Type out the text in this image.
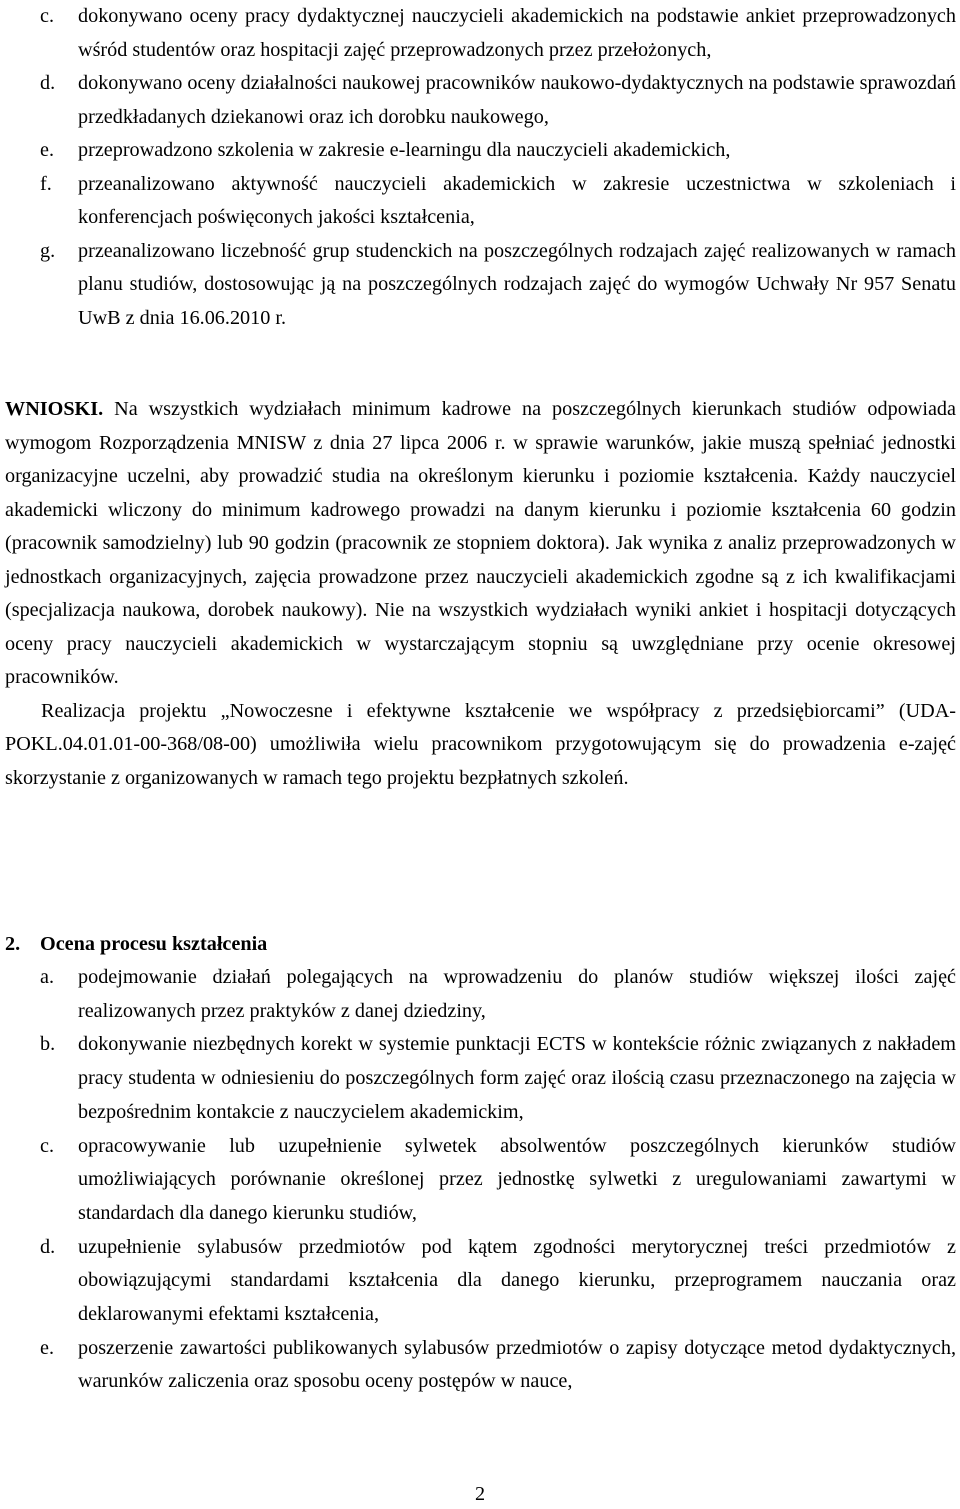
c.	dokonywano oceny pracy dydaktycznej nauczycieli akademickich na podstawie ankiet przeprowadzonych wśród studentów oraz hospitacji zajęć przeprowadzonych przez przełożonych,
d.	dokonywano oceny działalności naukowej pracowników naukowo-dydaktycznych na podstawie sprawozdań przedkładanych dziekanowi oraz ich dorobku naukowego,
e.	przeprowadzono szkolenia w zakresie e-learningu dla nauczycieli akademickich,
f.	przeanalizowano aktywność nauczycieli akademickich w zakresie uczestnictwa w szkoleniach i konferencjach poświęconych jakości kształcenia,
g.	przeanalizowano liczebność grup studenckich na poszczególnych rodzajach zajęć realizowanych w ramach planu studiów, dostosowując ją na poszczególnych rodzajach zajęć do wymogów Uchwały Nr 957 Senatu UwB z dnia 16.06.2010 r.

WNIOSKI. Na wszystkich wydziałach minimum kadrowe na poszczególnych kierunkach studiów odpowiada wymogom Rozporządzenia MNISW z dnia 27 lipca 2006 r. w sprawie warunków, jakie muszą spełniać jednostki organizacyjne uczelni, aby prowadzić studia na określonym kierunku i poziomie kształcenia. Każdy nauczyciel akademicki wliczony do minimum kadrowego prowadzi na danym kierunku i poziomie kształcenia 60 godzin (pracownik samodzielny) lub 90 godzin (pracownik ze stopniem doktora). Jak wynika z analiz przeprowadzonych w jednostkach organizacyjnych, zajęcia prowadzone przez nauczycieli akademickich zgodne są z ich kwalifikacjami (specjalizacja naukowa, dorobek naukowy). Nie na wszystkich wydziałach wyniki ankiet i hospitacji dotyczących oceny pracy nauczycieli akademickich w wystarczającym stopniu są uwzględniane przy ocenie okresowej pracowników.

Realizacja projektu „Nowoczesne i efektywne kształcenie we współpracy z przedsiębiorcami” (UDA-POKL.04.01.01-00-368/08-00) umożliwiła wielu pracownikom przygotowującym się do prowadzenia e-zajęć skorzystanie z organizowanych w ramach tego projektu bezpłatnych szkoleń.

2. Ocena procesu kształcenia
a.	podejmowanie działań polegających na wprowadzeniu do planów studiów większej ilości zajęć realizowanych przez praktyków z danej dziedziny,
b.	dokonywanie niezbędnych korekt w systemie punktacji ECTS w kontekście różnic związanych z nakładem pracy studenta w odniesieniu do poszczególnych form zajęć oraz ilością czasu przeznaczonego na zajęcia w bezpośrednim kontakcie z nauczycielem akademickim,
c.	opracowywanie lub uzupełnienie sylwetek absolwentów poszczególnych kierunków studiów umożliwiających porównanie określonej przez jednostkę sylwetki z uregulowaniami zawartymi w standardach dla danego kierunku studiów,
d.	uzupełnienie sylabusów przedmiotów pod kątem zgodności merytorycznej treści przedmiotów z obowiązującymi standardami kształcenia dla danego kierunku, przeprogramem nauczania oraz deklarowanymi efektami kształcenia,
e.	poszerzenie zawartości publikowanych sylabusów przedmiotów o zapisy dotyczące metod dydaktycznych, warunków zaliczenia oraz sposobu oceny postępów w nauce,
2
